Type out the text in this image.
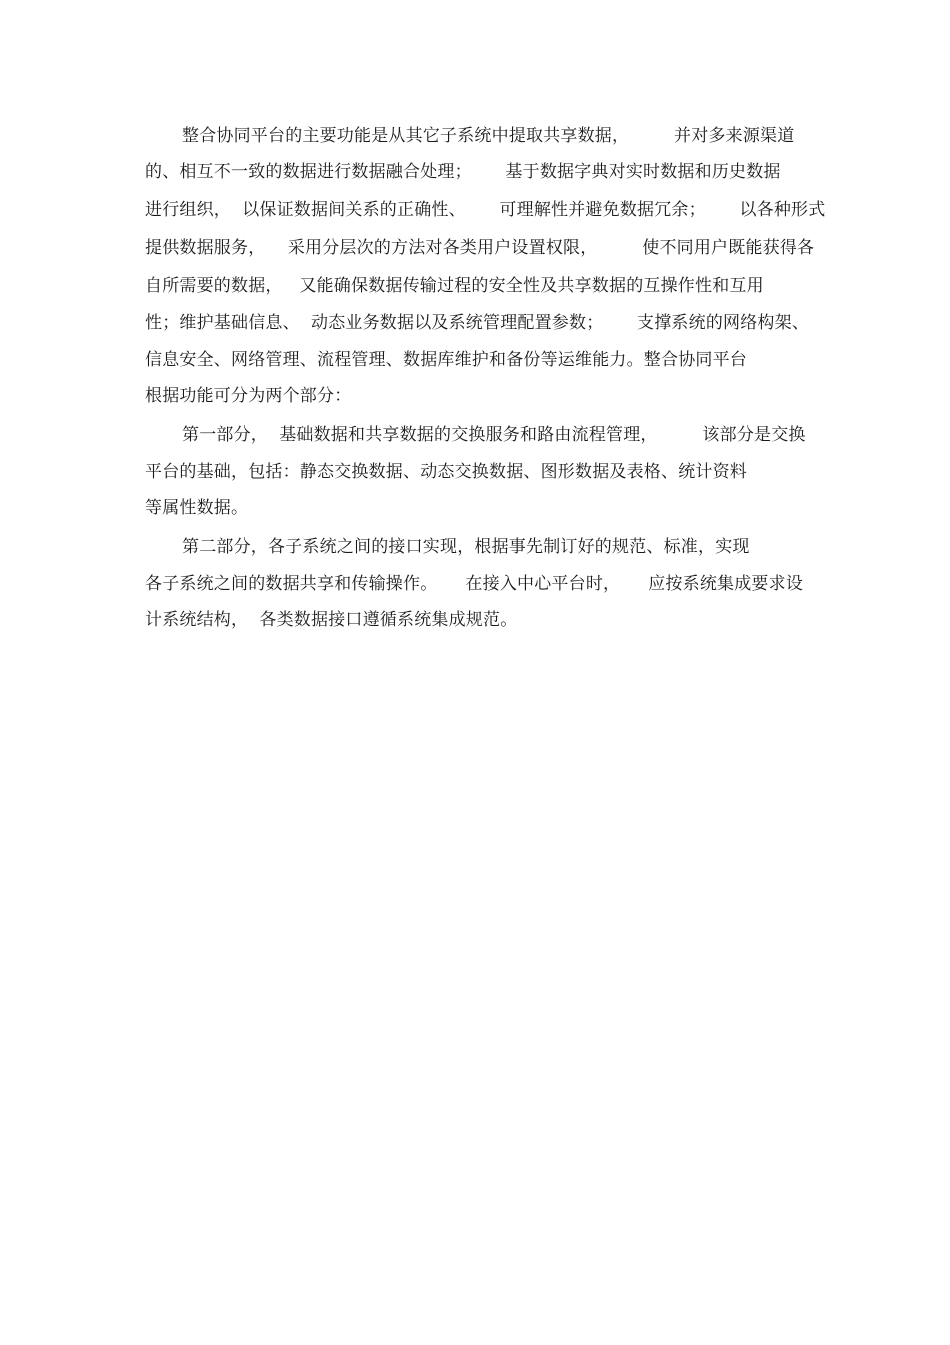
整合协同平台的主要功能是从其它子系统中提取共享数据，        并对多来源渠道
的、相互不一致的数据进行数据融合处理；      基于数据字典对实时数据和历史数据
进行组织，  以保证数据间关系的正确性、      可理解性并避免数据冗余；      以各种形式
提供数据服务，    采用分层次的方法对各类用户设置权限，        使不同用户既能获得各
自所需要的数据，   又能确保数据传输过程的安全性及共享数据的互操作性和互用
性；维护基础信息、  动态业务数据以及系统管理配置参数；      支撑系统的网络构架、
信息安全、网络管理、流程管理、数据库维护和备份等运维能力。整合协同平台
根据功能可分为两个部分：
第一部分，  基础数据和共享数据的交换服务和路由流程管理，        该部分是交换
平台的基础，包括：静态交换数据、动态交换数据、图形数据及表格、统计资料
等属性数据。
第二部分，各子系统之间的接口实现，根据事先制订好的规范、标准，实现
各子系统之间的数据共享和传输操作。     在接入中心平台时，     应按系统集成要求设
计系统结构，  各类数据接口遵循系统集成规范。
